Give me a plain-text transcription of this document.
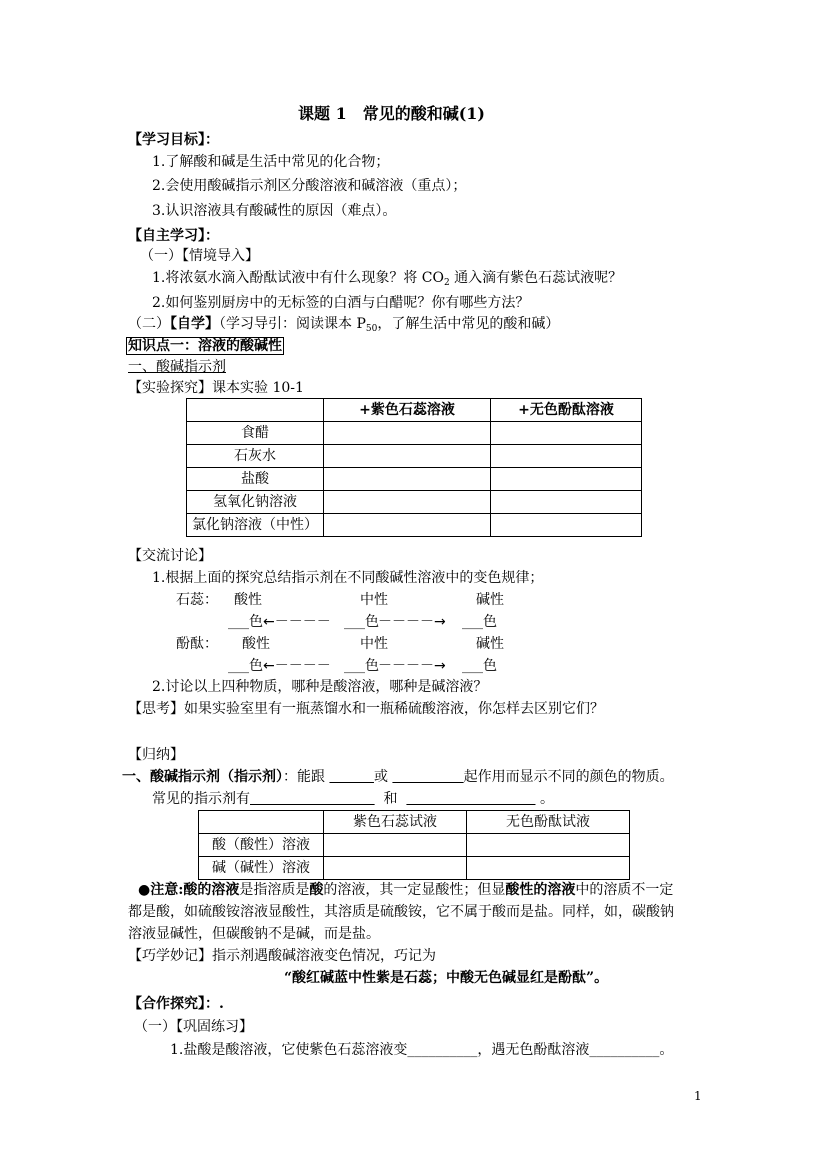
课题 1　常见的酸和碱(1)
【学习目标】：
1.了解酸和碱是生活中常见的化合物；
2.会使用酸碱指示剂区分酸溶液和碱溶液（重点）；
3.认识溶液具有酸碱性的原因（难点）。
【自主学习】：
（一）【情境导入】
1.将浓氨水滴入酚酞试液中有什么现象？将 $CO_2$ 通入滴有紫色石蕊试液呢？
2.如何鉴别厨房中的无标签的白酒与白醋呢？你有哪些方法？
（二）【自学】（学习导引：阅读课本 $P_{50}$，了解生活中常见的酸和碱）
知识点一：溶液的酸碱性
一、酸碱指示剂
【实验探究】课本实验 10-1
	+紫色石蕊溶液	+无色酚酞溶液
食醋		
石灰水		
盐酸		
氢氧化钠溶液		
氯化钠溶液（中性）		
【交流讨论】
1.根据上面的探究总结指示剂在不同酸碱性溶液中的变色规律；
石蕊： 酸性	中性	碱性
___色 ←－－－－ ___色 －－－－→ ___色
酚酞： 酸性	中性	碱性
___色 ←－－－－ ___色 －－－－→ ___色
2.讨论以上四种物质，哪种是酸溶液，哪种是碱溶液？
【思考】如果实验室里有一瓶蒸馏水和一瓶稀硫酸溶液，你怎样去区别它们？
【归纳】
一、酸碱指示剂（指示剂）：能跟	或	起作用而显示不同的颜色的物质。
常见的指示剂有	和	。
	紫色石蕊试液	无色酚酞试液
酸（酸性）溶液		
碱（碱性）溶液		
●注意:酸的溶液是指溶质是酸的溶液，其一定显酸性；但显酸性的溶液中的溶质不一定
都是酸，如硫酸铵溶液显酸性，其溶质是硫酸铵，它不属于酸而是盐。同样，如，碳酸钠
溶液显碱性，但碳酸钠不是碱，而是盐。
【巧学妙记】指示剂遇酸碱溶液变色情况，巧记为
“酸红碱蓝中性紫是石蕊；中酸无色碱显红是酚酞”。
【合作探究】：.
（一）【巩固练习】
1.盐酸是酸溶液，它使紫色石蕊溶液变__________，遇无色酚酞溶液__________。
1
